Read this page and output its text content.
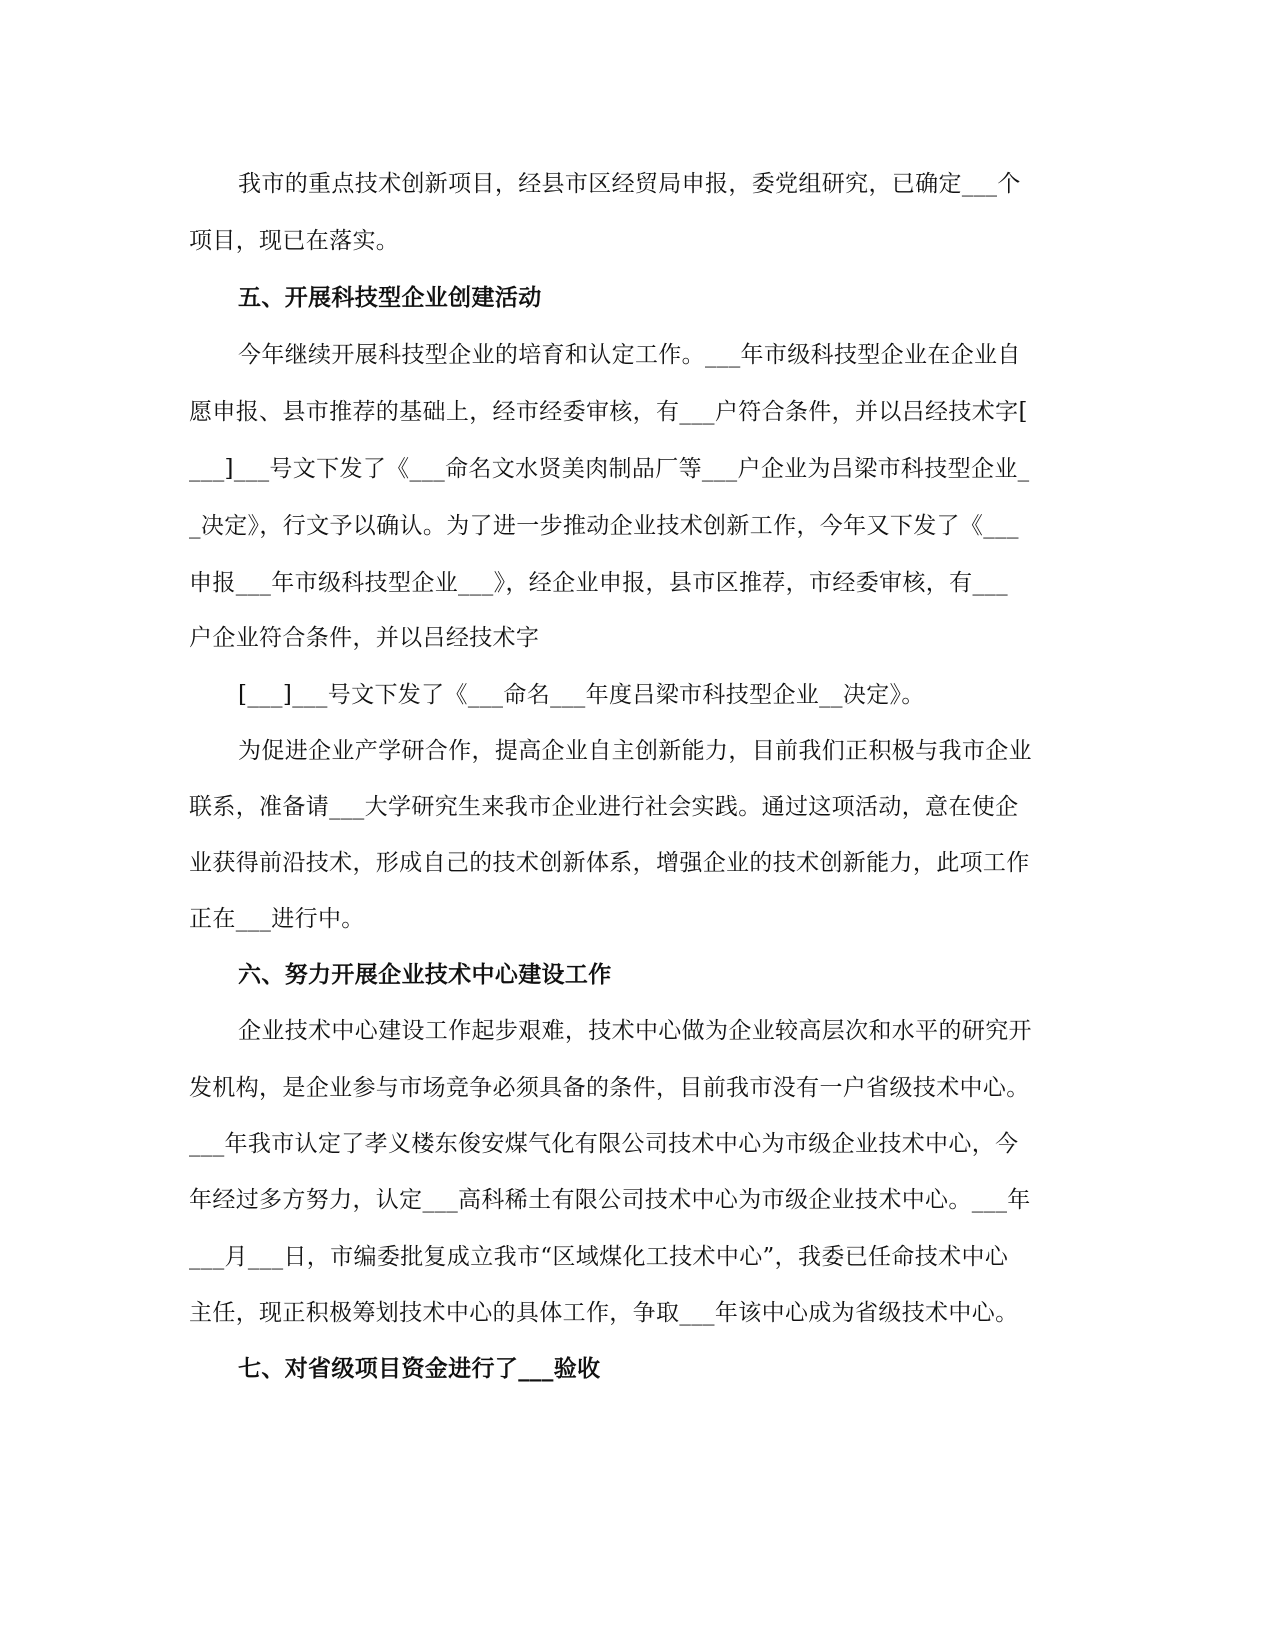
我市的重点技术创新项目，经县市区经贸局申报，委党组研究，已确定___个
项目，现已在落实。
五、开展科技型企业创建活动
今年继续开展科技型企业的培育和认定工作。___年市级科技型企业在企业自
愿申报、县市推荐的基础上，经市经委审核，有___户符合条件，并以吕经技术字[
___]___号文下发了《___命名文水贤美肉制品厂等___户企业为吕梁市科技型企业_
_决定》，行文予以确认。为了进一步推动企业技术创新工作，今年又下发了《___
申报___年市级科技型企业___》，经企业申报，县市区推荐，市经委审核，有___
户企业符合条件，并以吕经技术字
[___]___号文下发了《___命名___年度吕梁市科技型企业__决定》。
为促进企业产学研合作，提高企业自主创新能力，目前我们正积极与我市企业
联系，准备请___大学研究生来我市企业进行社会实践。通过这项活动，意在使企
业获得前沿技术，形成自己的技术创新体系，增强企业的技术创新能力，此项工作
正在___进行中。
六、努力开展企业技术中心建设工作
企业技术中心建设工作起步艰难，技术中心做为企业较高层次和水平的研究开
发机构，是企业参与市场竞争必须具备的条件，目前我市没有一户省级技术中心。
___年我市认定了孝义楼东俊安煤气化有限公司技术中心为市级企业技术中心，今
年经过多方努力，认定___高科稀土有限公司技术中心为市级企业技术中心。___年
___月___日，市编委批复成立我市“区域煤化工技术中心”，我委已任命技术中心
主任，现正积极筹划技术中心的具体工作，争取___年该中心成为省级技术中心。
七、对省级项目资金进行了___验收
